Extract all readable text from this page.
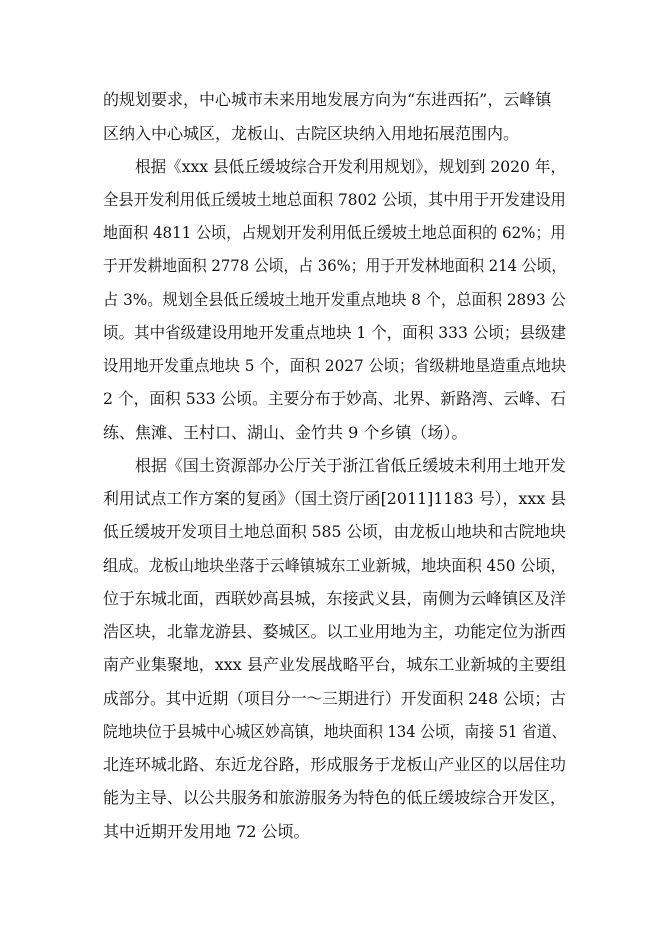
的规划要求，中心城市未来用地发展方向为“东进西拓”，云峰镇
区纳入中心城区，龙板山、古院区块纳入用地拓展范围内。
根据《xxx 县低丘缓坡综合开发利用规划》，规划到 2020 年，
全县开发利用低丘缓坡土地总面积 7802 公顷，其中用于开发建设用
地面积 4811 公顷，占规划开发利用低丘缓坡土地总面积的 62%；用
于开发耕地面积 2778 公顷，占 36%；用于开发林地面积 214 公顷，
占 3%。规划全县低丘缓坡土地开发重点地块 8 个，总面积 2893 公
顷。其中省级建设用地开发重点地块 1 个，面积 333 公顷；县级建
设用地开发重点地块 5 个，面积 2027 公顷；省级耕地垦造重点地块
2 个，面积 533 公顷。主要分布于妙高、北界、新路湾、云峰、石
练、焦滩、王村口、湖山、金竹共 9 个乡镇（场）。
根据《国土资源部办公厅关于浙江省低丘缓坡未利用土地开发
利用试点工作方案的复函》（国土资厅函[2011]1183 号），xxx 县
低丘缓坡开发项目土地总面积 585 公顷，由龙板山地块和古院地块
组成。龙板山地块坐落于云峰镇城东工业新城，地块面积 450 公顷，
位于东城北面，西联妙高县城，东接武义县，南侧为云峰镇区及洋
浩区块，北靠龙游县、婺城区。以工业用地为主，功能定位为浙西
南产业集聚地，xxx 县产业发展战略平台，城东工业新城的主要组
成部分。其中近期（项目分一～三期进行）开发面积 248 公顷；古
院地块位于县城中心城区妙高镇，地块面积 134 公顷，南接 51 省道、
北连环城北路、东近龙谷路，形成服务于龙板山产业区的以居住功
能为主导、以公共服务和旅游服务为特色的低丘缓坡综合开发区，
其中近期开发用地 72 公顷。
